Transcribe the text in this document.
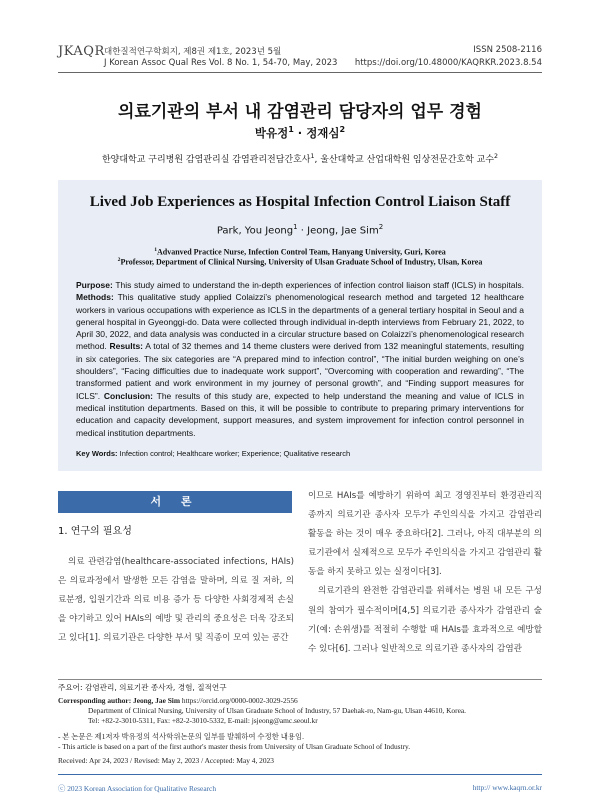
JKAQR 대한질적연구학회지, 제8권 제1호, 2023년 5월
J Korean Assoc Qual Res Vol. 8 No. 1, 54-70, May, 2023
ISSN 2508-2116
https://doi.org/10.48000/KAQRKR.2023.8.54
의료기관의 부서 내 감염관리 담당자의 업무 경험
박유정$^1$ · 정재심$^2$
한양대학교 구리병원 감염관리실 감염관리전담간호사$^1$, 울산대학교 산업대학원 임상전문간호학 교수$^2$
Lived Job Experiences as Hospital Infection Control Liaison Staff
Park, You Jeong$^1$ · Jeong, Jae Sim$^2$
$^1$Advanved Practice Nurse, Infection Control Team, Hanyang University, Guri, Korea
$^2$Professor, Department of Clinical Nursing, University of Ulsan Graduate School of Industry, Ulsan, Korea
Purpose: This study aimed to understand the in-depth experiences of infection control liaison staff (ICLS) in hospitals. Methods: This qualitative study applied Colaizzi’s phenomenological research method and targeted 12 healthcare workers in various occupations with experience as ICLS in the departments of a general tertiary hospital in Seoul and a general hospital in Gyeonggi-do. Data were collected through individual in-depth interviews from February 21, 2022, to April 30, 2022, and data analysis was conducted in a circular structure based on Colaizzi’s phenomenological research method. Results: A total of 32 themes and 14 theme clusters were derived from 132 meaningful statements, resulting in six categories. The six categories are “A prepared mind to infection control”, “The initial burden weighing on one’s shoulders”, “Facing difficulties due to inadequate work support”, “Overcoming with cooperation and rewarding”, “The transformed patient and work environment in my journey of personal growth”, and “Finding support measures for ICLS”. Conclusion: The results of this study are, expected to help understand the meaning and value of ICLS in medical institution departments. Based on this, it will be possible to contribute to preparing primary interventions for education and capacity development, support measures, and system improvement for infection control personnel in medical institution departments.
Key Words: Infection control; Healthcare worker; Experience; Qualitative research
서 론
1. 연구의 필요성

의료 관련감염(healthcare-associated infections, HAIs)은 의료과정에서 발생한 모든 감염을 말하며, 의료 질 저하, 의료분쟁, 입원기간과 의료 비용 증가 등 다양한 사회경제적 손실을 야기하고 있어 HAIs의 예방 및 관리의 중요성은 더욱 강조되고 있다[1]. 의료기관은 다양한 부서 및 직종이 모여 있는 공간

이므로 HAIs를 예방하기 위하여 최고 경영진부터 환경관리직 종까지 의료기관 종사자 모두가 주인의식을 가지고 감염관리 활동을 하는 것이 매우 중요하다[2]. 그러나, 아직 대부분의 의료기관에서 실제적으로 모두가 주인의식을 가지고 감염관리 활동을 하지 못하고 있는 실정이다[3].

의료기관의 완전한 감염관리를 위해서는 병원 내 모든 구성원의 참여가 필수적이며[4,5] 의료기관 종사자가 감염관리 술기(예: 손위생)를 적절히 수행할 때 HAIs를 효과적으로 예방할 수 있다[6]. 그러나 일반적으로 의료기관 종사자의 감염관

주요어: 감염관리, 의료기관 종사자, 경험, 질적연구
Corresponding author: Jeong, Jae Sim https://orcid.org/0000-0002-3029-2556
Department of Clinical Nursing, University of Ulsan Graduate School of Industry, 57 Daehak-ro, Nam-gu, Ulsan 44610, Korea.
Tel: +82-2-3010-5311, Fax: +82-2-3010-5332, E-mail: jsjeong@amc.seoul.kr
- 본 논문은 제1저자 박유정의 석사학위논문의 일부를 발췌하여 수정한 내용임.
- This article is based on a part of the first author's master thesis from University of Ulsan Graduate School of Industry.
Received: Apr 24, 2023 / Revised: May 2, 2023 / Accepted: May 4, 2023
ⓒ 2023 Korean Association for Qualitative Research	http:// www.kaqrn.or.kr
